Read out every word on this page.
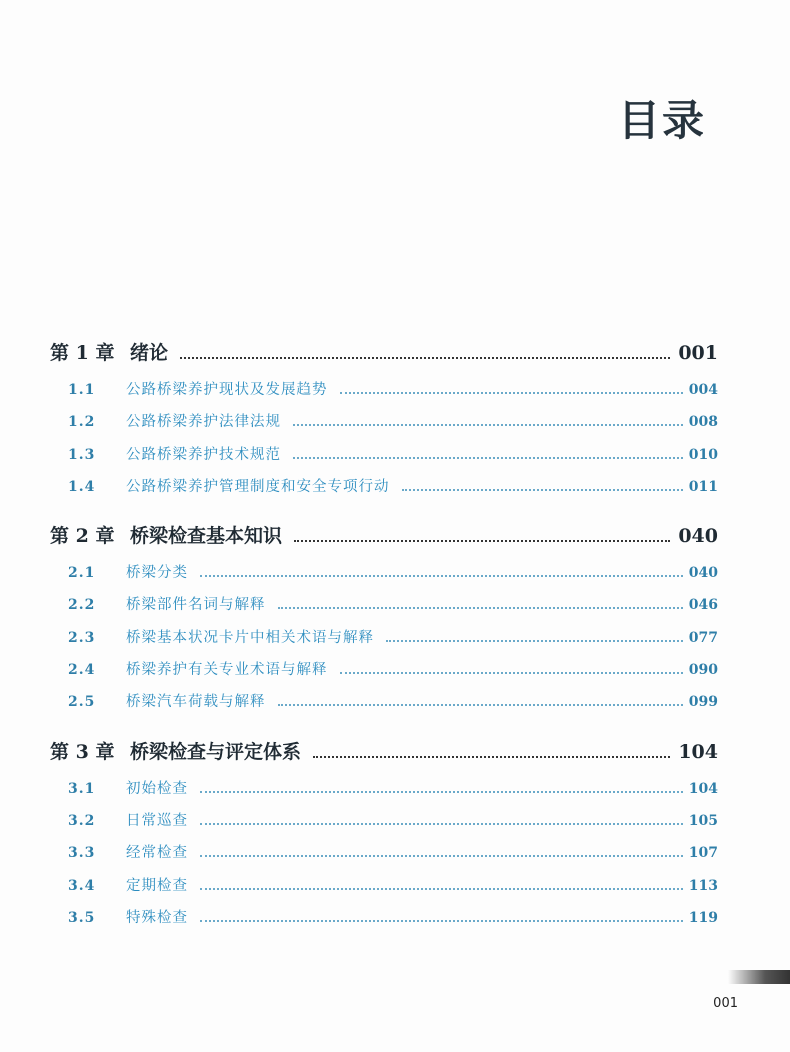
目录
第 1 章 绪论	001
1.1	公路桥梁养护现状及发展趋势	004
1.2	公路桥梁养护法律法规	008
1.3	公路桥梁养护技术规范	010
1.4	公路桥梁养护管理制度和安全专项行动	011
第 2 章 桥梁检查基本知识	040
2.1	桥梁分类	040
2.2	桥梁部件名词与解释	046
2.3	桥梁基本状况卡片中相关术语与解释	077
2.4	桥梁养护有关专业术语与解释	090
2.5	桥梁汽车荷载与解释	099
第 3 章 桥梁检查与评定体系	104
3.1	初始检查	104
3.2	日常巡查	105
3.3	经常检查	107
3.4	定期检查	113
3.5	特殊检查	119
001
